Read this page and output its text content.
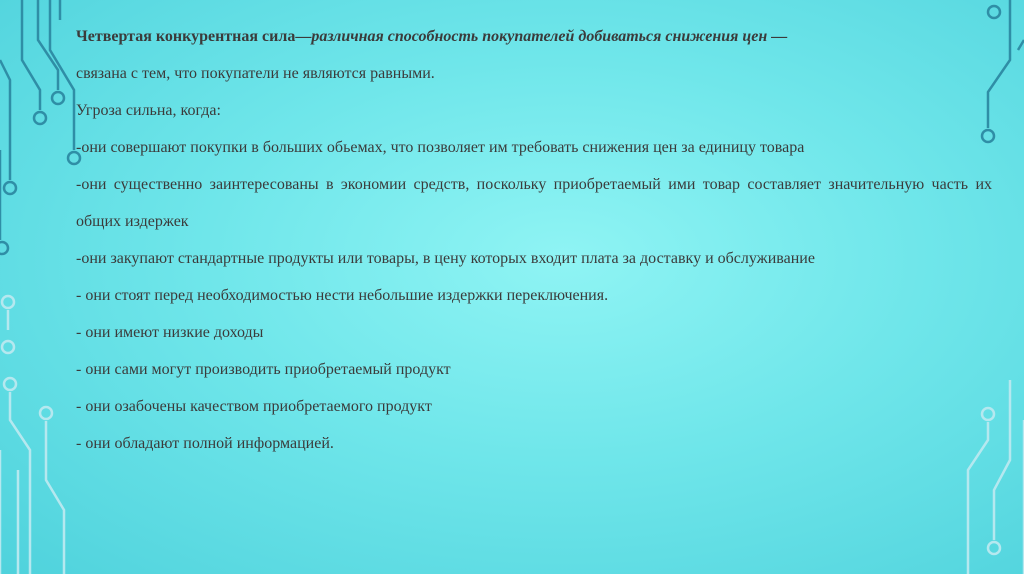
Четвертая конкурентная сила—различная способность покупателей добиваться снижения цен —
связана с тем, что покупатели не являются равными.

Угроза сильна, когда:

-они совершают покупки в больших обьемах, что позволяет им требовать снижения цен за единицу товара

-они существенно заинтересованы в экономии средств, поскольку приобретаемый ими товар составляет значительную часть их общих издержек

-они закупают стандартные продукты или товары, в цену которых входит плата за доставку и обслуживание

- они стоят перед необходимостью нести небольшие издержки переключения.

- они имеют низкие доходы

- они сами могут производить приобретаемый продукт

- они озабочены качеством приобретаемого продукт

- они обладают полной информацией.
